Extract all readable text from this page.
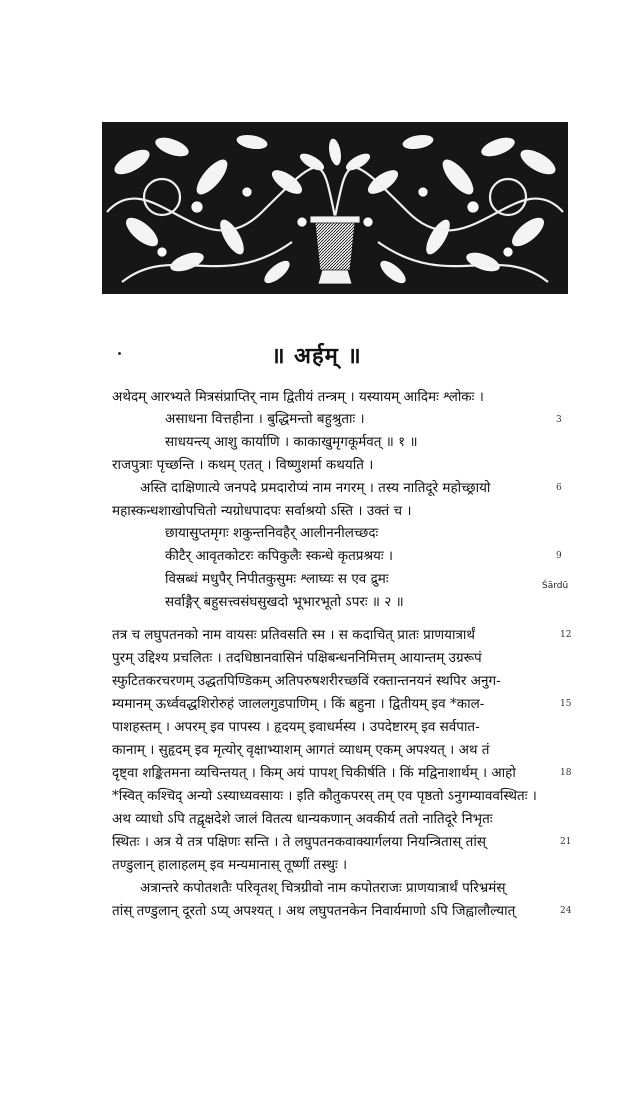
॥ अर्हम् ॥
अथेदम् आरभ्यते मित्रसंप्राप्तिर् नाम द्वितीयं तन्त्रम् । यस्यायम् आदिमः श्लोकः ।
असाधना वित्तहीना । बुद्धिमन्तो बहुश्रुताः ।
साधयन्त्य् आशु कार्याणि । काकाखुमृगकूर्मवत् ॥ १ ॥
राजपुत्राः पृच्छन्ति । कथम् एतत् । विष्णुशर्मा कथयति ।
अस्ति दाक्षिणात्ये जनपदे प्रमदारोप्यं नाम नगरम् । तस्य नातिदूरे महोच्छ्रायो
महास्कन्धशाखोपचितो न्यग्रोधपादपः सर्वाश्रयो ऽस्ति । उक्तं च ।
छायासुप्तमृगः शकुन्तनिवहैर् आलीननीलच्छदः
कीटैर् आवृतकोटरः कपिकुलैः स्कन्धे कृतप्रश्रयः ।
विस्रब्धं मधुपैर् निपीतकुसुमः श्लाघ्यः स एव द्रुमः
सर्वाङ्गैर् बहुसत्त्वसंघसुखदो भूभारभूतो ऽपरः ॥ २ ॥
तत्र च लघुपतनको नाम वायसः प्रतिवसति स्म । स कदाचित् प्रातः प्राणयात्रार्थं
पुरम् उद्दिश्य प्रचलितः । तदधिष्ठानवासिनं पक्षिबन्धननिमित्तम् आयान्तम् उग्ररूपं
स्फुटितकरचरणम् उद्धतपिण्डिकम् अतिपरुषशरीरच्छविं रक्तान्तनयनं स्थपिर अनुग-
म्यमानम् ऊर्ध्ववद्धशिरोरुहं जाललगुडपाणिम् । किं बहुना । द्वितीयम् इव *काल-
पाशहस्तम् । अपरम् इव पापस्य । हृदयम् इवाधर्मस्य । उपदेष्टारम् इव सर्वपात-
कानाम् । सुहृदम् इव मृत्योर् वृक्षाभ्याशम् आगतं व्याधम् एकम् अपश्यत् । अथ तं
दृष्ट्वा शङ्कितमना व्यचिन्तयत् । किम् अयं पापश् चिकीर्षति । किं मद्विनाशार्थम् । आहो
*स्वित् कश्चिद् अन्यो ऽस्याध्यवसायः । इति कौतुकपरस् तम् एव पृष्ठतो ऽनुगम्याववस्थितः ।
अथ व्याधो ऽपि तद्वृक्षदेशे जालं वितत्य धान्यकणान् अवकीर्य ततो नातिदूरे निभृतः
स्थितः । अत्र ये तत्र पक्षिणः सन्ति । ते लघुपतनकवाक्यार्गलया नियन्त्रितास् तांस्
तण्डुलान् हालाहलम् इव मन्यमानास् तूष्णीं तस्थुः ।
अत्रान्तरे कपोतशतैः परिवृतश् चित्रग्रीवो नाम कपोतराजः प्राणयात्रार्थं परिभ्रमंस्
तांस् तण्डुलान् दूरतो ऽप्य् अपश्यत् । अथ लघुपतनकेन निवार्यमाणो ऽपि जिह्वालौल्यात्
3
6
9
12
15
18
21
24
Śārdū
